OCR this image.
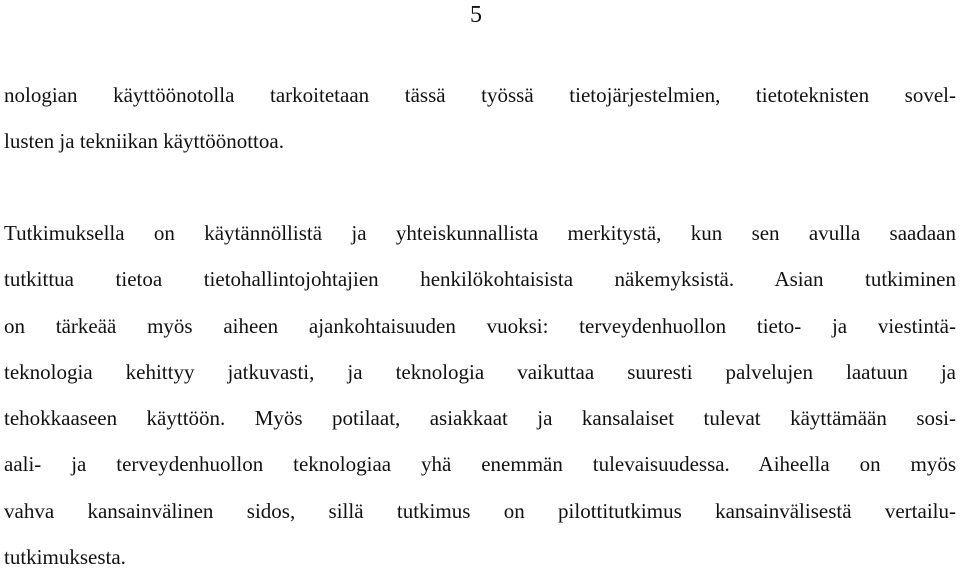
5
nologian käyttöönotolla tarkoitetaan tässä työssä tietojärjestelmien, tietoteknisten sovel-
lusten ja tekniikan käyttöönottoa.
Tutkimuksella on käytännöllistä ja yhteiskunnallista merkitystä, kun sen avulla saadaan
tutkittua tietoa tietohallintojohtajien henkilökohtaisista näkemyksistä. Asian tutkiminen
on tärkeää myös aiheen ajankohtaisuuden vuoksi: terveydenhuollon tieto- ja viestintä-
teknologia kehittyy jatkuvasti, ja teknologia vaikuttaa suuresti palvelujen laatuun ja
tehokkaaseen käyttöön. Myös potilaat, asiakkaat ja kansalaiset tulevat käyttämään sosi-
aali- ja terveydenhuollon teknologiaa yhä enemmän tulevaisuudessa. Aiheella on myös
vahva kansainvälinen sidos, sillä tutkimus on pilottitutkimus kansainvälisestä vertailu-
tutkimuksesta.
